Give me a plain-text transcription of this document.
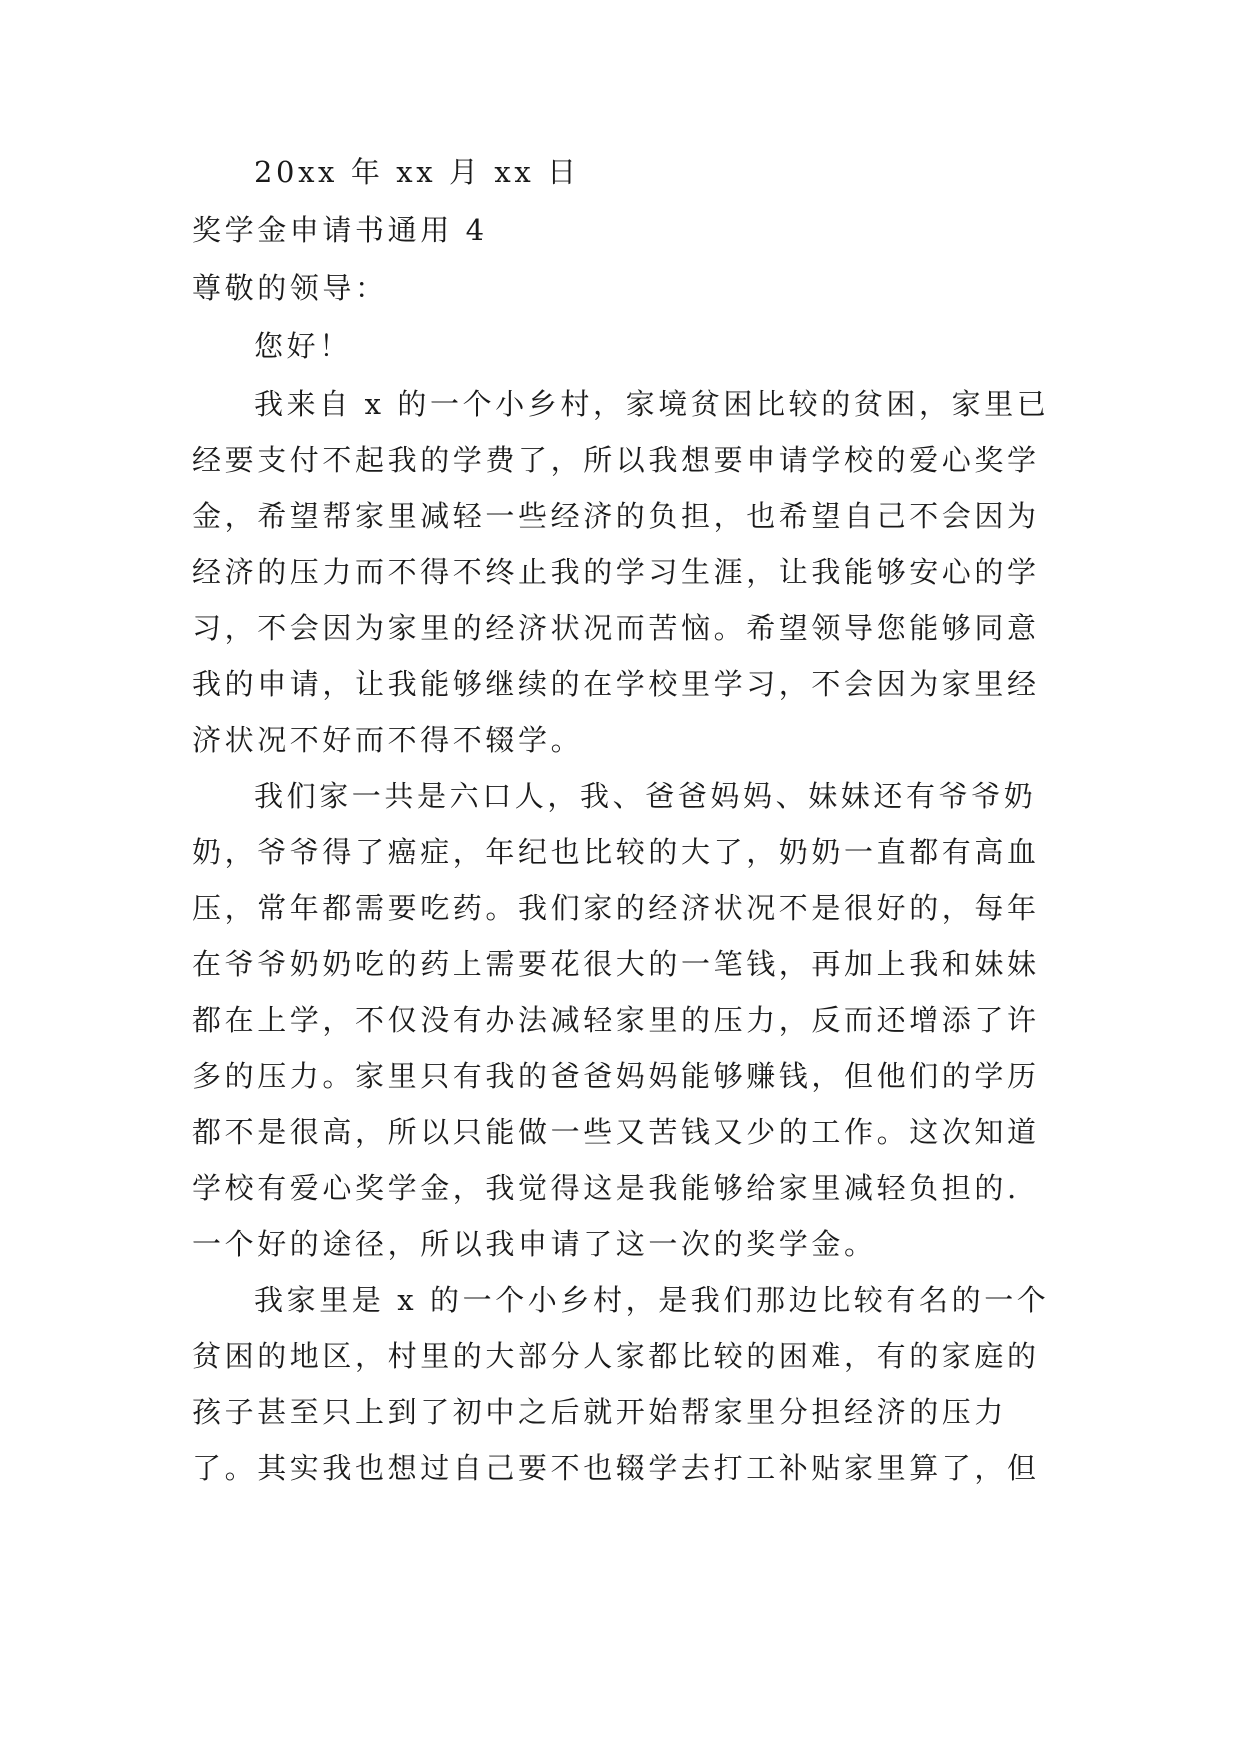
20xx 年 xx 月 xx 日

奖学金申请书通用 4

尊敬的领导：

您好！

我来自 x 的一个小乡村，家境贫困比较的贫困，家里已

经要支付不起我的学费了，所以我想要申请学校的爱心奖学

金，希望帮家里减轻一些经济的负担，也希望自己不会因为

经济的压力而不得不终止我的学习生涯，让我能够安心的学

习，不会因为家里的经济状况而苦恼。希望领导您能够同意

我的申请，让我能够继续的在学校里学习，不会因为家里经

济状况不好而不得不辍学。

我们家一共是六口人，我、爸爸妈妈、妹妹还有爷爷奶

奶，爷爷得了癌症，年纪也比较的大了，奶奶一直都有高血

压，常年都需要吃药。我们家的经济状况不是很好的，每年

在爷爷奶奶吃的药上需要花很大的一笔钱，再加上我和妹妹

都在上学，不仅没有办法减轻家里的压力，反而还增添了许

多的压力。家里只有我的爸爸妈妈能够赚钱，但他们的学历

都不是很高，所以只能做一些又苦钱又少的工作。这次知道

学校有爱心奖学金，我觉得这是我能够给家里减轻负担的.

一个好的途径，所以我申请了这一次的奖学金。

我家里是 x 的一个小乡村，是我们那边比较有名的一个

贫困的地区，村里的大部分人家都比较的困难，有的家庭的

孩子甚至只上到了初中之后就开始帮家里分担经济的压力

了。其实我也想过自己要不也辍学去打工补贴家里算了，但
